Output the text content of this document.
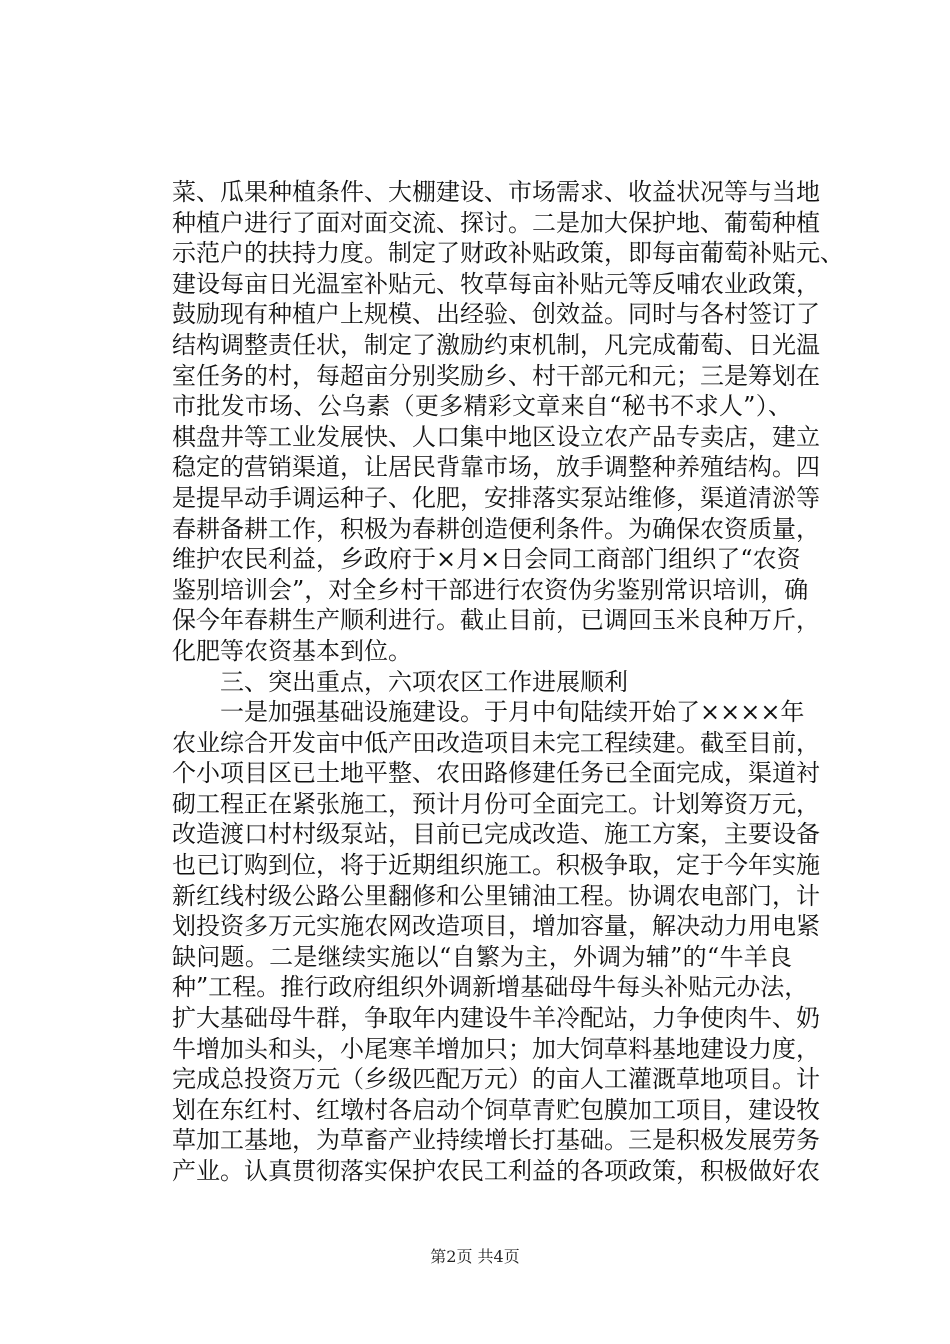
菜、瓜果种植条件、大棚建设、市场需求、收益状况等与当地
种植户进行了面对面交流、探讨。二是加大保护地、葡萄种植
示范户的扶持力度。制定了财政补贴政策，即每亩葡萄补贴元、
建设每亩日光温室补贴元、牧草每亩补贴元等反哺农业政策，
鼓励现有种植户上规模、出经验、创效益。同时与各村签订了
结构调整责任状，制定了激励约束机制，凡完成葡萄、日光温
室任务的村，每超亩分别奖励乡、村干部元和元；三是筹划在
市批发市场、公乌素（更多精彩文章来自“秘书不求人”）、
棋盘井等工业发展快、人口集中地区设立农产品专卖店，建立
稳定的营销渠道，让居民背靠市场，放手调整种养殖结构。四
是提早动手调运种子、化肥，安排落实泵站维修，渠道清淤等
春耕备耕工作，积极为春耕创造便利条件。为确保农资质量，
维护农民利益，乡政府于×月×日会同工商部门组织了“农资
鉴别培训会”，对全乡村干部进行农资伪劣鉴别常识培训，确
保今年春耕生产顺利进行。截止目前，已调回玉米良种万斤，
化肥等农资基本到位。
　　三、突出重点，六项农区工作进展顺利
　　一是加强基础设施建设。于月中旬陆续开始了××××年
农业综合开发亩中低产田改造项目未完工程续建。截至目前，
个小项目区已土地平整、农田路修建任务已全面完成，渠道衬
砌工程正在紧张施工，预计月份可全面完工。计划筹资万元，
改造渡口村村级泵站，目前已完成改造、施工方案，主要设备
也已订购到位，将于近期组织施工。积极争取，定于今年实施
新红线村级公路公里翻修和公里铺油工程。协调农电部门，计
划投资多万元实施农网改造项目，增加容量，解决动力用电紧
缺问题。二是继续实施以“自繁为主，外调为辅”的“牛羊良
种”工程。推行政府组织外调新增基础母牛每头补贴元办法，
扩大基础母牛群，争取年内建设牛羊冷配站，力争使肉牛、奶
牛增加头和头，小尾寒羊增加只；加大饲草料基地建设力度，
完成总投资万元（乡级匹配万元）的亩人工灌溉草地项目。计
划在东红村、红墩村各启动个饲草青贮包膜加工项目，建设牧
草加工基地，为草畜产业持续增长打基础。三是积极发展劳务
产业。认真贯彻落实保护农民工利益的各项政策，积极做好农
第2页 共4页
